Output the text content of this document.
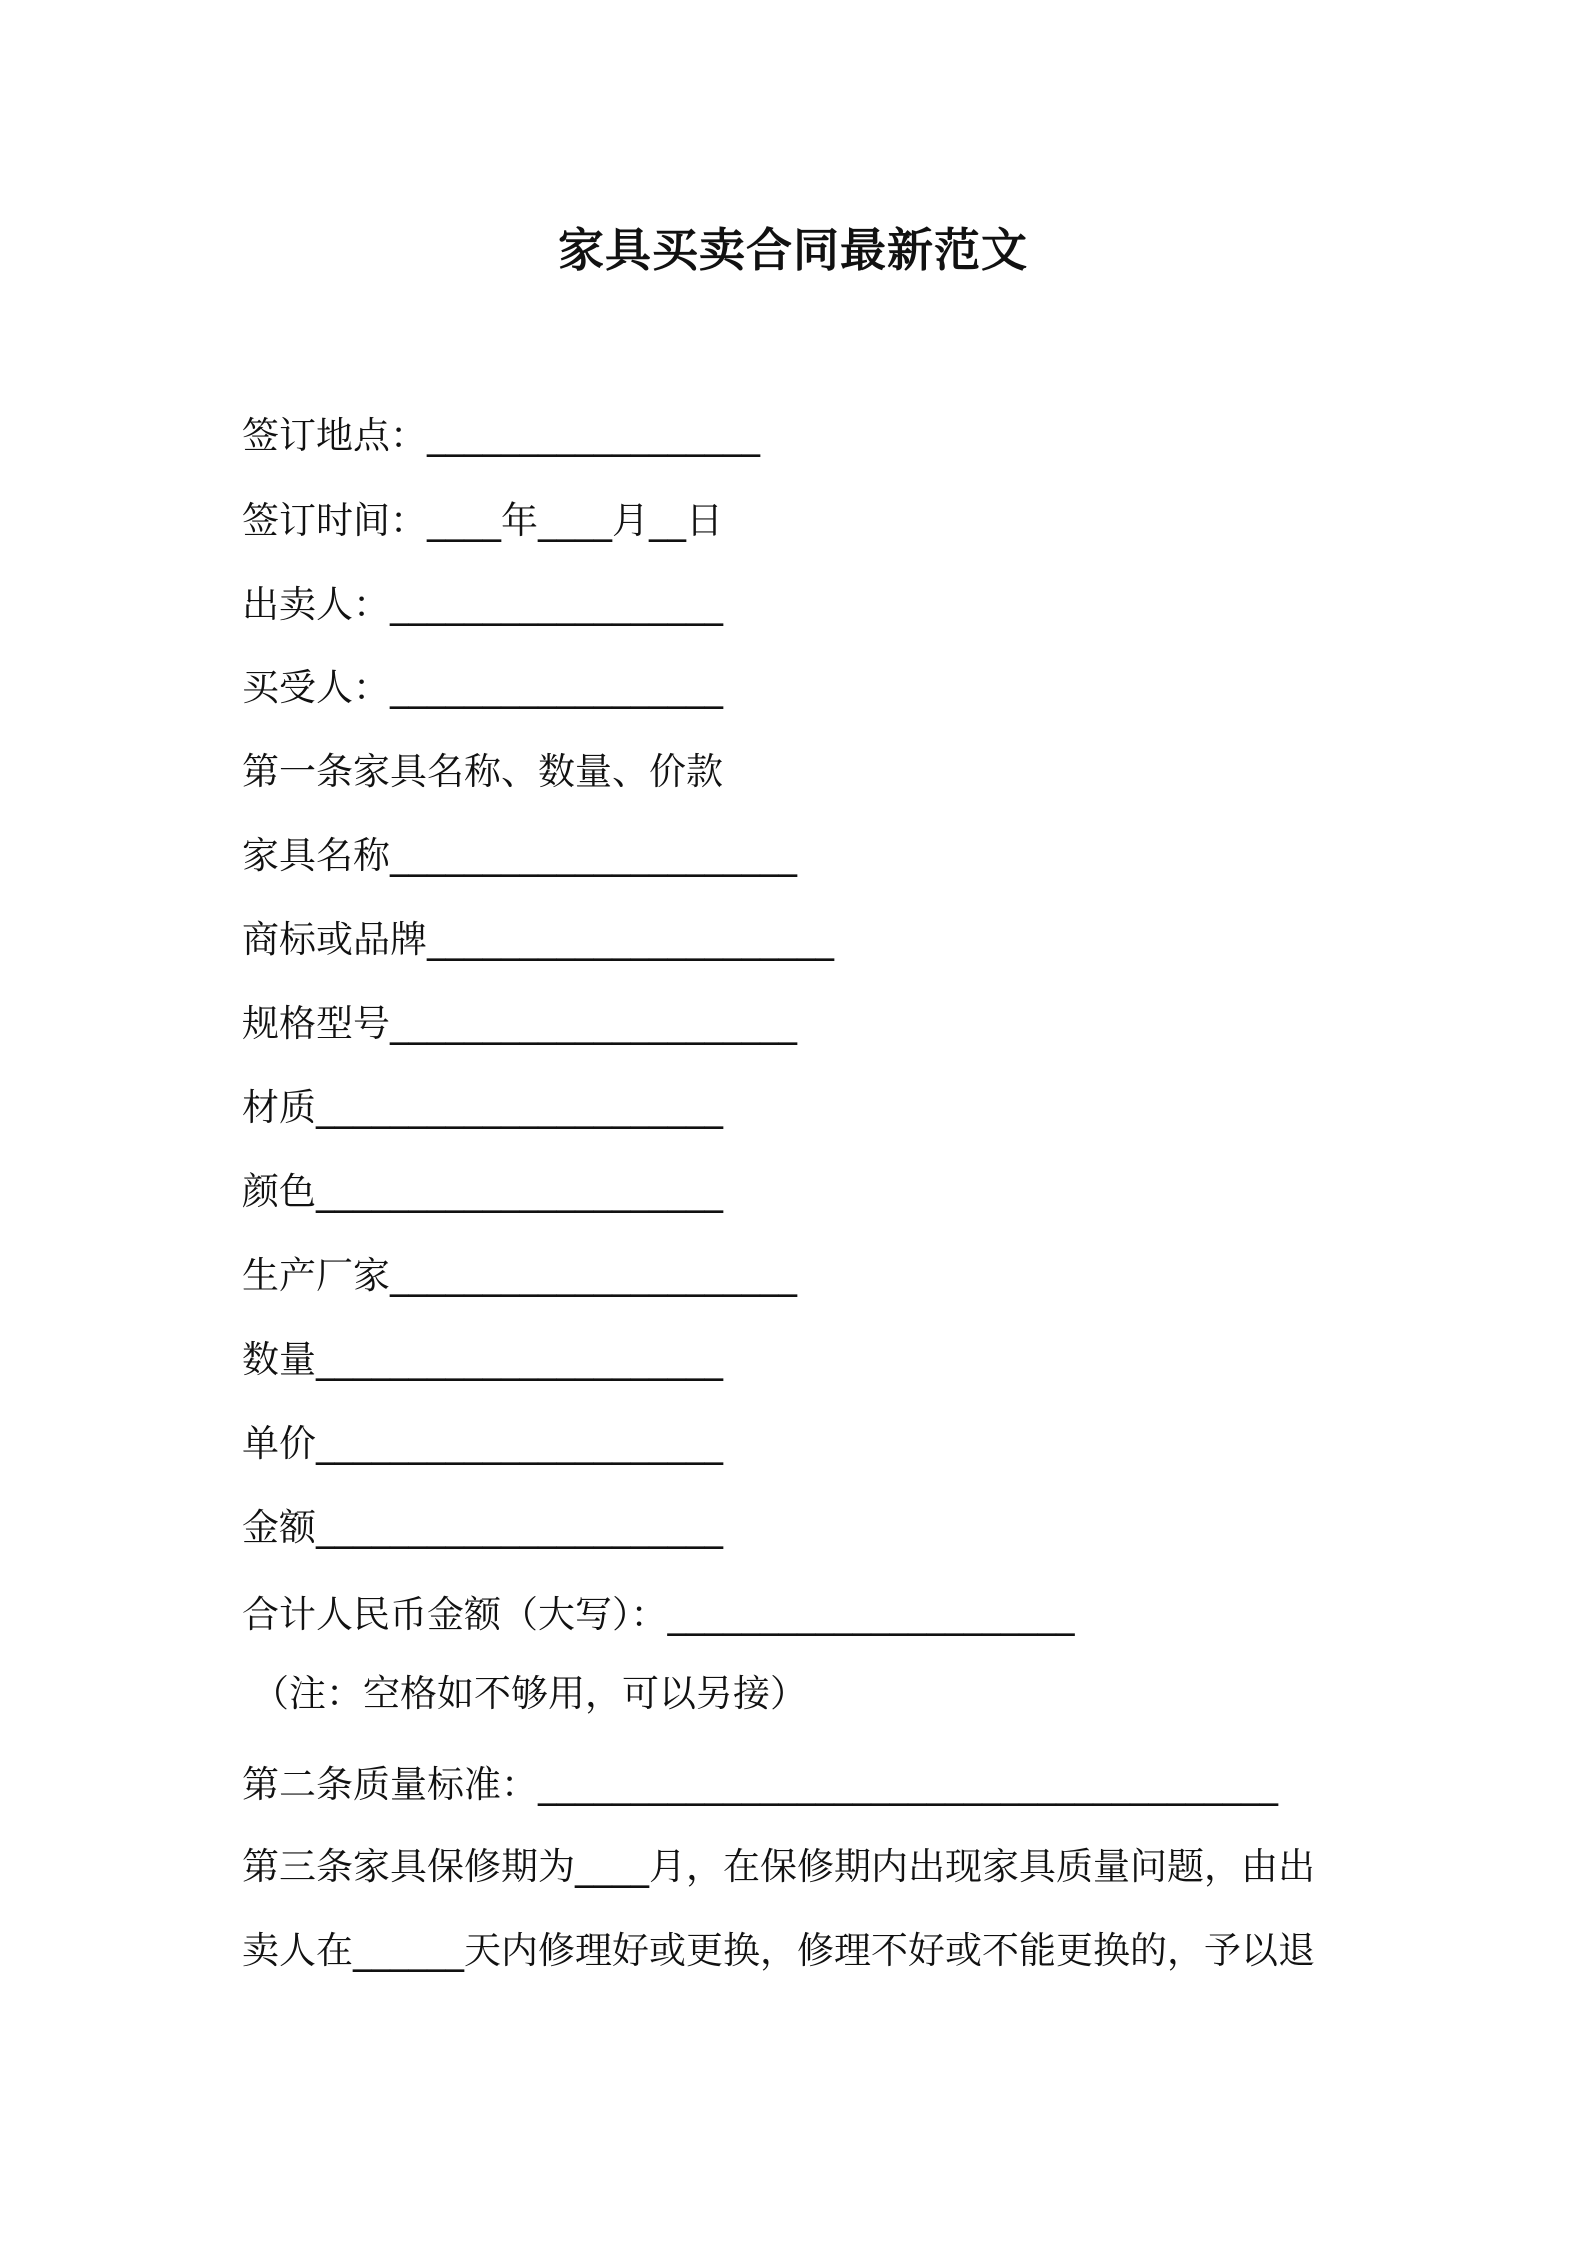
家具买卖合同最新范文
签订地点：__________________
签订时间：____年____月__日
出卖人：__________________
买受人：__________________
第一条家具名称、数量、价款
家具名称______________________
商标或品牌______________________
规格型号______________________
材质______________________
颜色______________________
生产厂家______________________
数量______________________
单价______________________
金额______________________
合计人民币金额（大写）：______________________
（注：空格如不够用，可以另接）
第二条质量标准：________________________________________
第三条家具保修期为____月，在保修期内出现家具质量问题，由出
卖人在______天内修理好或更换，修理不好或不能更换的，予以退
